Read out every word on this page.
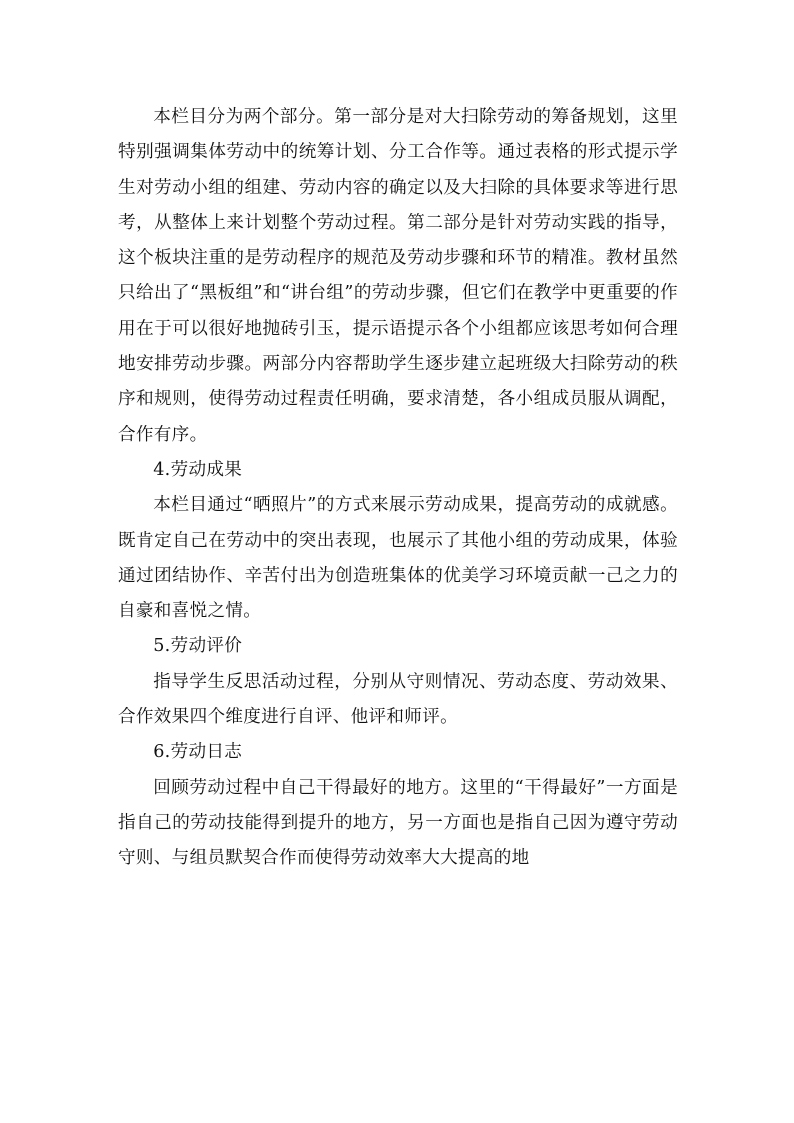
本栏目分为两个部分。第一部分是对大扫除劳动的筹备规划，这里特别强调集体劳动中的统筹计划、分工合作等。通过表格的形式提示学生对劳动小组的组建、劳动内容的确定以及大扫除的具体要求等进行思考，从整体上来计划整个劳动过程。第二部分是针对劳动实践的指导，这个板块注重的是劳动程序的规范及劳动步骤和环节的精准。教材虽然只给出了“黑板组”和“讲台组”的劳动步骤，但它们在教学中更重要的作用在于可以很好地抛砖引玉，提示语提示各个小组都应该思考如何合理地安排劳动步骤。两部分内容帮助学生逐步建立起班级大扫除劳动的秩序和规则，使得劳动过程责任明确，要求清楚，各小组成员服从调配，合作有序。

4.劳动成果

本栏目通过“晒照片”的方式来展示劳动成果，提高劳动的成就感。既肯定自己在劳动中的突出表现，也展示了其他小组的劳动成果，体验通过团结协作、辛苦付出为创造班集体的优美学习环境贡献一己之力的自豪和喜悦之情。

5.劳动评价

指导学生反思活动过程，分别从守则情况、劳动态度、劳动效果、合作效果四个维度进行自评、他评和师评。

6.劳动日志

回顾劳动过程中自己干得最好的地方。这里的“干得最好”一方面是指自己的劳动技能得到提升的地方，另一方面也是指自己因为遵守劳动守则、与组员默契合作而使得劳动效率大大提高的地
